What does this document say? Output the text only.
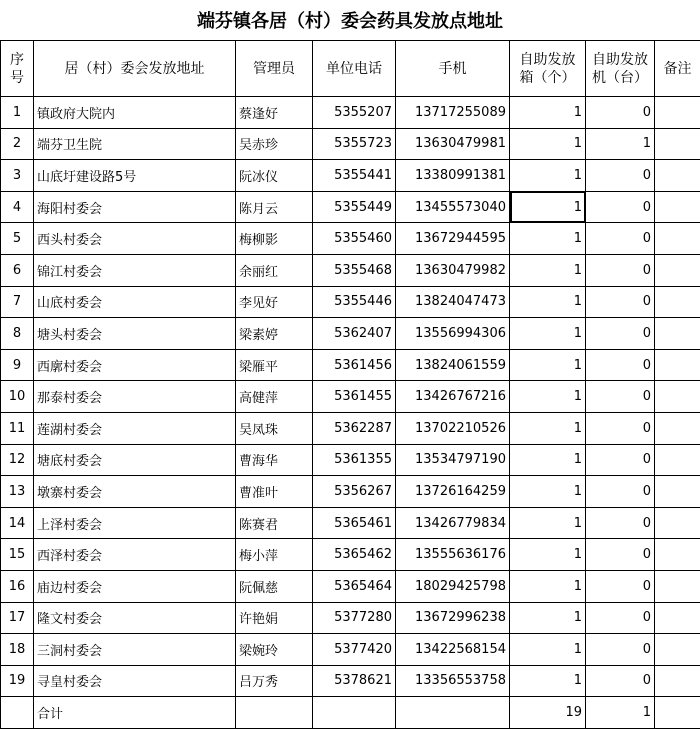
端芬镇各居（村）委会药具发放点地址
序号	居（村）委会发放地址	管理员	单位电话	手机	自助发放箱（个）	自助发放机（台）	备注
1	镇政府大院内	蔡逢好	5355207	13717255089	1	0	
2	端芬卫生院	吴赤珍	5355723	13630479981	1	1	
3	山底圩建设路5号	阮冰仪	5355441	13380991381	1	0	
4	海阳村委会	陈月云	5355449	13455573040	1	0	
5	西头村委会	梅柳影	5355460	13672944595	1	0	
6	锦江村委会	余丽红	5355468	13630479982	1	0	
7	山底村委会	李见好	5355446	13824047473	1	0	
8	塘头村委会	梁素婷	5362407	13556994306	1	0	
9	西廓村委会	梁雁平	5361456	13824061559	1	0	
10	那泰村委会	高健萍	5361455	13426767216	1	0	
11	莲湖村委会	吴凤珠	5362287	13702210526	1	0	
12	塘底村委会	曹海华	5361355	13534797190	1	0	
13	墩寨村委会	曹准叶	5356267	13726164259	1	0	
14	上泽村委会	陈赛君	5365461	13426779834	1	0	
15	西泽村委会	梅小萍	5365462	13555636176	1	0	
16	庙边村委会	阮佩慈	5365464	18029425798	1	0	
17	隆文村委会	许艳娟	5377280	13672996238	1	0	
18	三洞村委会	梁婉玲	5377420	13422568154	1	0	
19	寻皇村委会	吕万秀	5378621	13356553758	1	0	
	合计				19	1	
